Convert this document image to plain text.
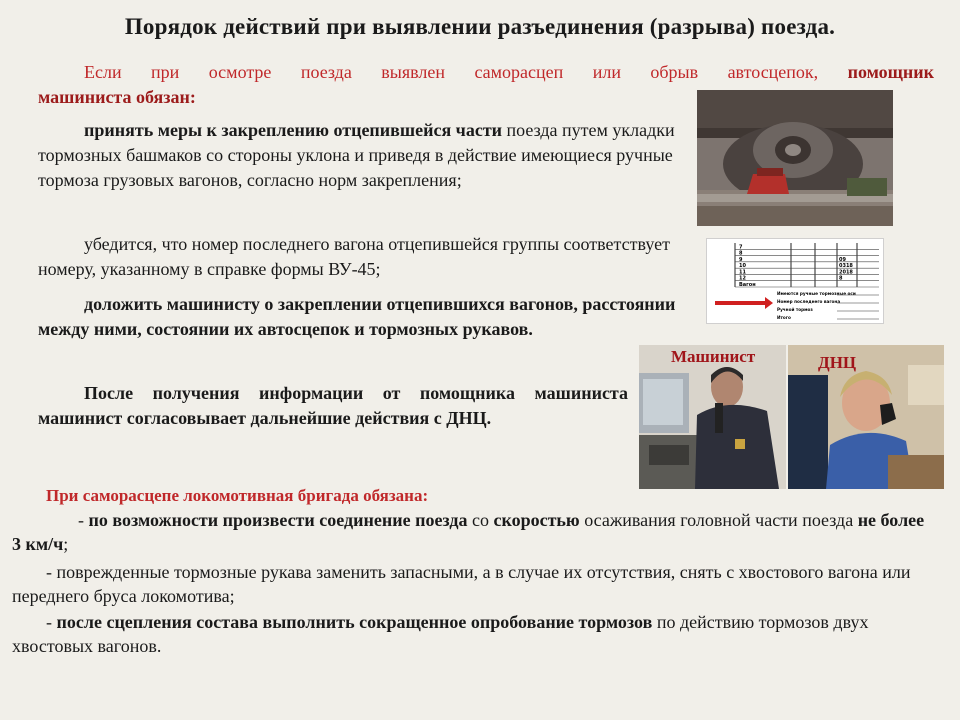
Порядок действий при выявлении разъединения (разрыва) поезда.
Если при осмотре поезда выявлен саморасцеп или обрыв автосцепок, помощник
машиниста обязан:
принять меры к закреплению отцепившейся части поезда путем укладки тормозных башмаков со стороны уклона и приведя в действие имеющиеся ручные тормоза грузовых вагонов, согласно норм закрепления;
убедится, что номер последнего вагона отцепившейся группы соответствует номеру, указанному в справке формы ВУ-45;
доложить машинисту о закреплении отцепившихся вагонов, расстоянии между ними, состоянии их автосцепок и тормозных рукавов.
После получения информации от помощника машиниста машинист согласовывает дальнейшие действия с ДНЦ.
7
8
9
10
11
12
Вагон
09
0318
2018
8
Имеются ручные тормозные оси
Номер последнего вагона
Ручной тормоз
Итого
Машинист	ДНЦ
При саморасцепе локомотивная бригада обязана:
- по возможности произвести соединение поезда со скоростью осаживания головной части поезда не более 3 км/ч;
- поврежденные тормозные рукава заменить запасными, а в случае их отсутствия, снять с хвостового вагона или переднего бруса локомотива;
- после сцепления состава выполнить сокращенное опробование тормозов по действию тормозов двух хвостовых вагонов.
